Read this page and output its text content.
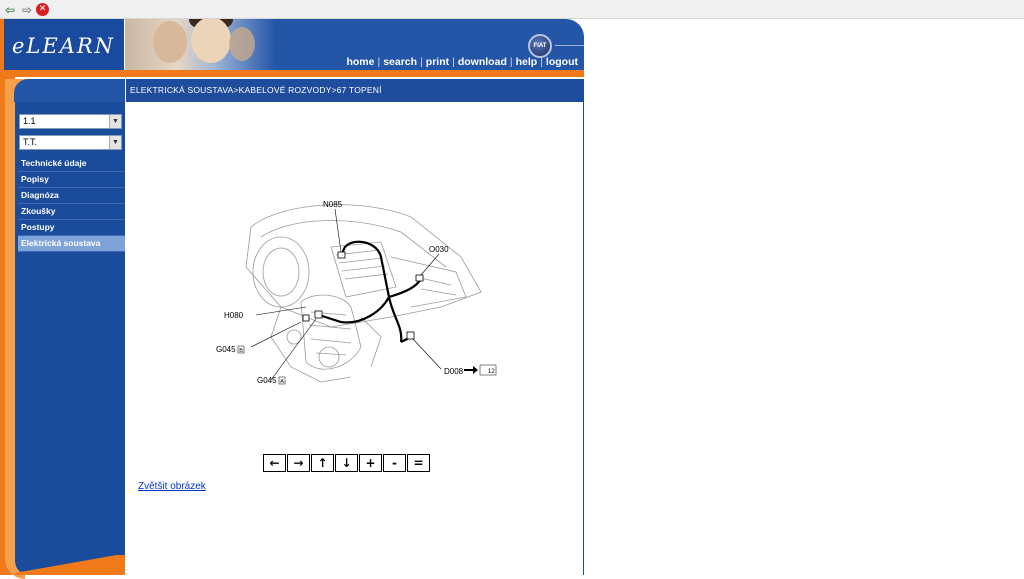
⇦ ⇨ ✕
eLEARN	FIAT
home | search | print | download | help | logout
ELEKTRICKÁ SOUSTAVA>KABELOVÉ ROZVODY>67 TOPENÍ
1.1	▼
T.T.	▼
Technické údaje
Popisy
Diagnóza
Zkoušky
Postupy
Elektrická soustava
N085
O030
H080
G045 B
G045 A
D008	12
←	→	↑	↓	+	-	=
Zvětšit obrázek
